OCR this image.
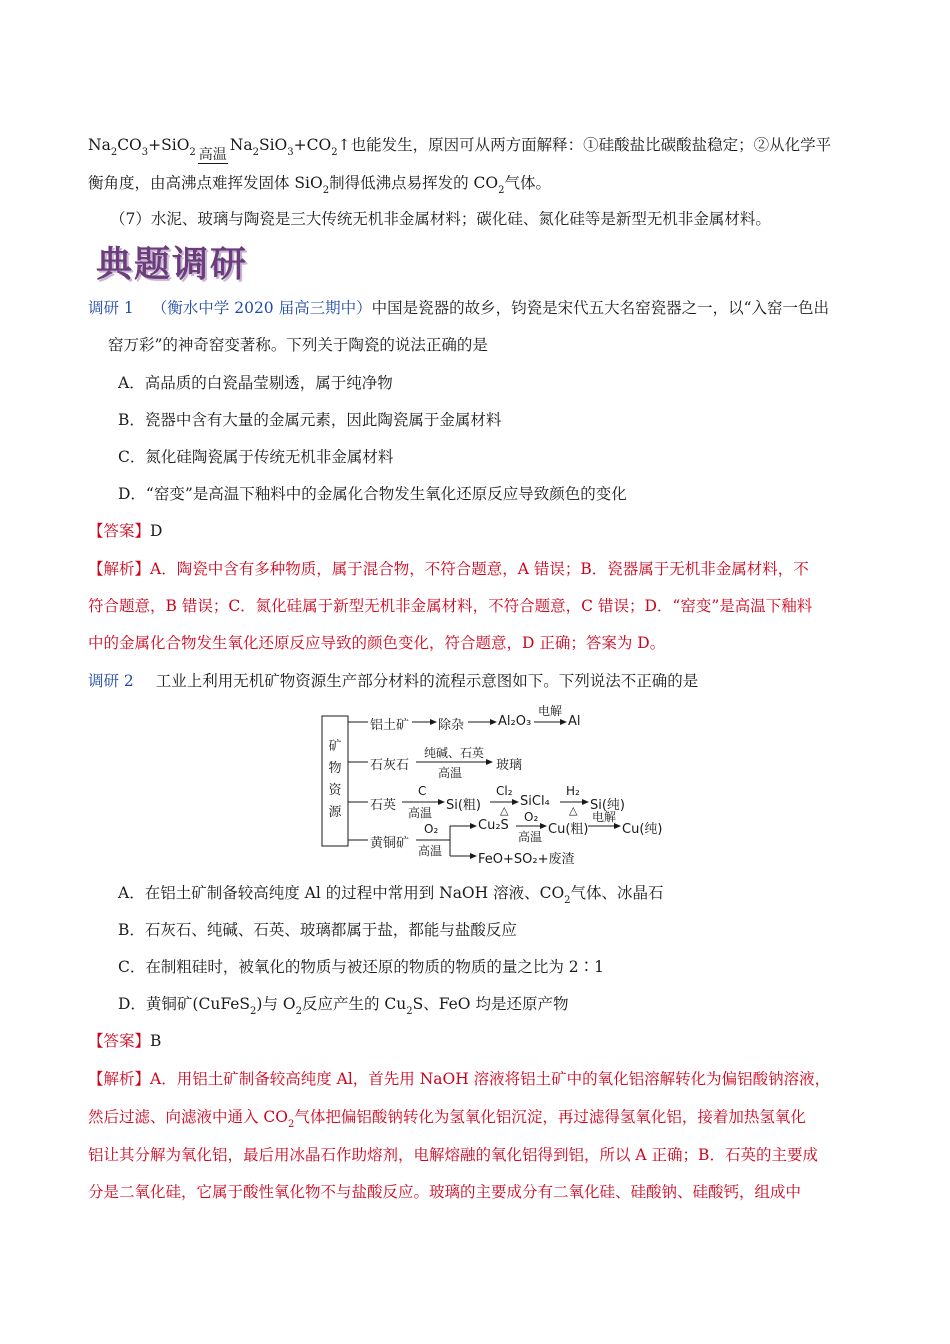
$Na_2CO_3+SiO_2$ 高温
$Na_2SiO_3+CO_2↑$也能发生，原因可从两方面解释：①硅酸盐比碳酸盐稳定；②从化学平
衡角度，由高沸点难挥发固体 SiO$_2$制得低沸点易挥发的 $CO_2$气体。
（7）水泥、玻璃与陶瓷是三大传统无机非金属材料；碳化硅、氮化硅等是新型无机非金属材料。
典题调研
调研 1 （衡水中学 2020 届高三期中）中国是瓷器的故乡，钧瓷是宋代五大名窑瓷器之一，以“入窑一色出
窑万彩”的神奇窑变著称。下列关于陶瓷的说法正确的是
A．高品质的白瓷晶莹剔透，属于纯净物
B．瓷器中含有大量的金属元素，因此陶瓷属于金属材料
C．氮化硅陶瓷属于传统无机非金属材料
D．“窑变”是高温下釉料中的金属化合物发生氧化还原反应导致颜色的变化
【答案】D
【解析】A．陶瓷中含有多种物质，属于混合物，不符合题意，A 错误；B．瓷器属于无机非金属材料，不
符合题意，B 错误；C．氮化硅属于新型无机非金属材料，不符合题意，C 错误；D．“窑变”是高温下釉料
中的金属化合物发生氧化还原反应导致的颜色变化，符合题意，D 正确；答案为 D。
调研 2 工业上利用无机矿物资源生产部分材料的流程示意图如下。下列说法不正确的是
矿物资源
铝土矿 除杂	Al₂O₃
电解
Al
石灰石
纯碱、石英
高温	玻璃
石英
C
高温 Si(粗)
Cl₂
△
SiCl₄
H₂
△ Si(纯)
黄铜矿
O₂
高温
Cu₂S
O₂
高温 Cu(粗)
电解
Cu(纯)
FeO+SO₂+废渣
A．在铝土矿制备较高纯度 Al 的过程中常用到 NaOH 溶液、$CO_2$气体、冰晶石
B．石灰石、纯碱、石英、玻璃都属于盐，都能与盐酸反应
C．在制粗硅时，被氧化的物质与被还原的物质的物质的量之比为 2∶1
D．黄铜矿(CuFeS$_2$)与 $O_2$反应产生的 $Cu_2S$、FeO 均是还原产物
【答案】B
【解析】A．用铝土矿制备较高纯度 Al，首先用 NaOH 溶液将铝土矿中的氧化铝溶解转化为偏铝酸钠溶液，
然后过滤、向滤液中通入 $CO_2$气体把偏铝酸钠转化为氢氧化铝沉淀，再过滤得氢氧化铝，接着加热氢氧化
铝让其分解为氧化铝，最后用冰晶石作助熔剂，电解熔融的氧化铝得到铝，所以 A 正确；B．石英的主要成
分是二氧化硅，它属于酸性氧化物不与盐酸反应。玻璃的主要成分有二氧化硅、硅酸钠、硅酸钙，组成中
